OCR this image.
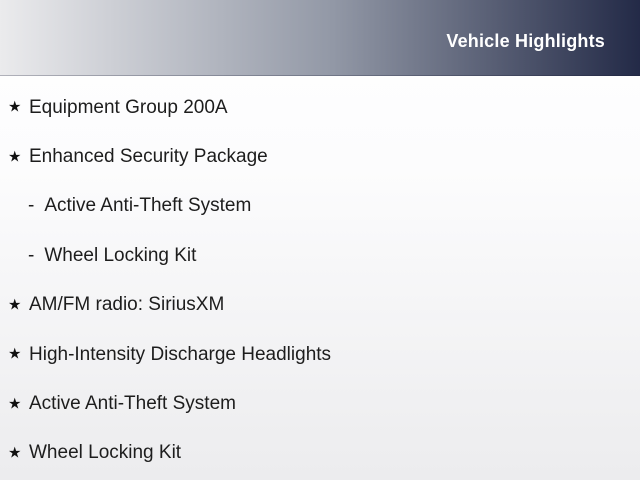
Vehicle Highlights
★ Equipment Group 200A
★ Enhanced Security Package
- Active Anti-Theft System
- Wheel Locking Kit
★ AM/FM radio: SiriusXM
★ High-Intensity Discharge Headlights
★ Active Anti-Theft System
★ Wheel Locking Kit
